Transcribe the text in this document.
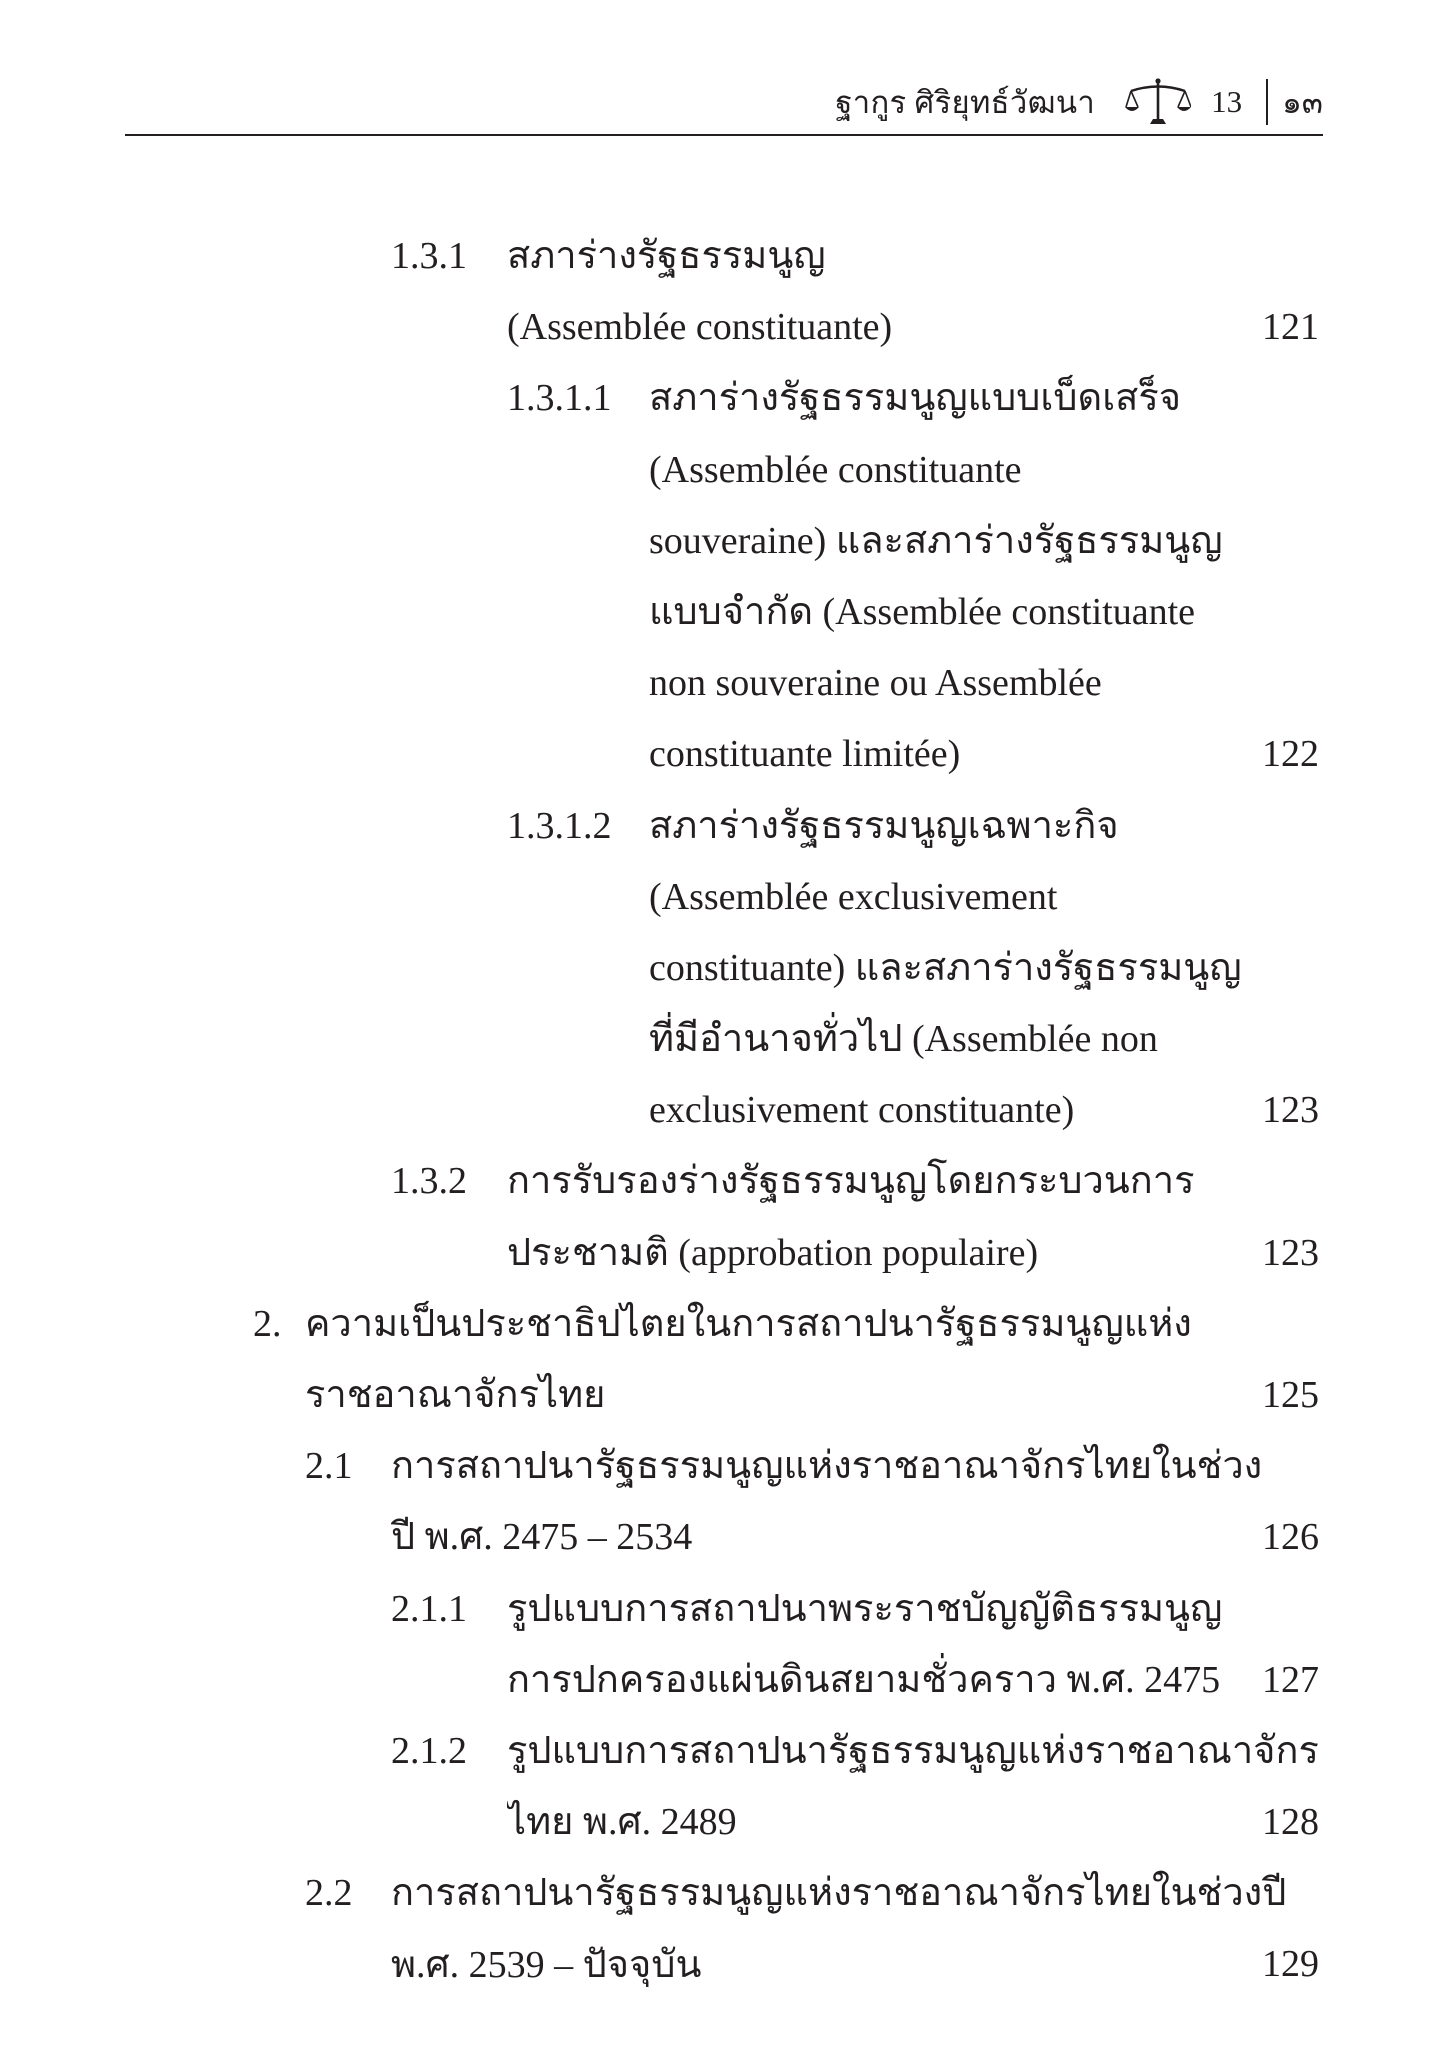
ฐากูร ศิริยุทธ์วัฒนา	13 ๑๓
1.3.1 สภาร่างรัฐธรรมนูญ
(Assemblée constituante)	121
1.3.1.1 สภาร่างรัฐธรรมนูญแบบเบ็ดเสร็จ
(Assemblée constituante
souveraine) และสภาร่างรัฐธรรมนูญ
แบบจำกัด (Assemblée constituante
non souveraine ou Assemblée
constituante limitée)	122
1.3.1.2 สภาร่างรัฐธรรมนูญเฉพาะกิจ
(Assemblée exclusivement
constituante) และสภาร่างรัฐธรรมนูญ
ที่มีอำนาจทั่วไป (Assemblée non
exclusivement constituante)	123
1.3.2 การรับรองร่างรัฐธรรมนูญโดยกระบวนการ
ประชามติ (approbation populaire)	123
2. ความเป็นประชาธิปไตยในการสถาปนารัฐธรรมนูญแห่ง
ราชอาณาจักรไทย	125
2.1 การสถาปนารัฐธรรมนูญแห่งราชอาณาจักรไทยในช่วง
ปี พ.ศ. 2475 – 2534	126
2.1.1 รูปแบบการสถาปนาพระราชบัญญัติธรรมนูญ
การปกครองแผ่นดินสยามชั่วคราว พ.ศ. 2475	127
2.1.2 รูปแบบการสถาปนารัฐธรรมนูญแห่งราชอาณาจักร
ไทย พ.ศ. 2489	128
2.2 การสถาปนารัฐธรรมนูญแห่งราชอาณาจักรไทยในช่วงปี
พ.ศ. 2539 – ปัจจุบัน	129
